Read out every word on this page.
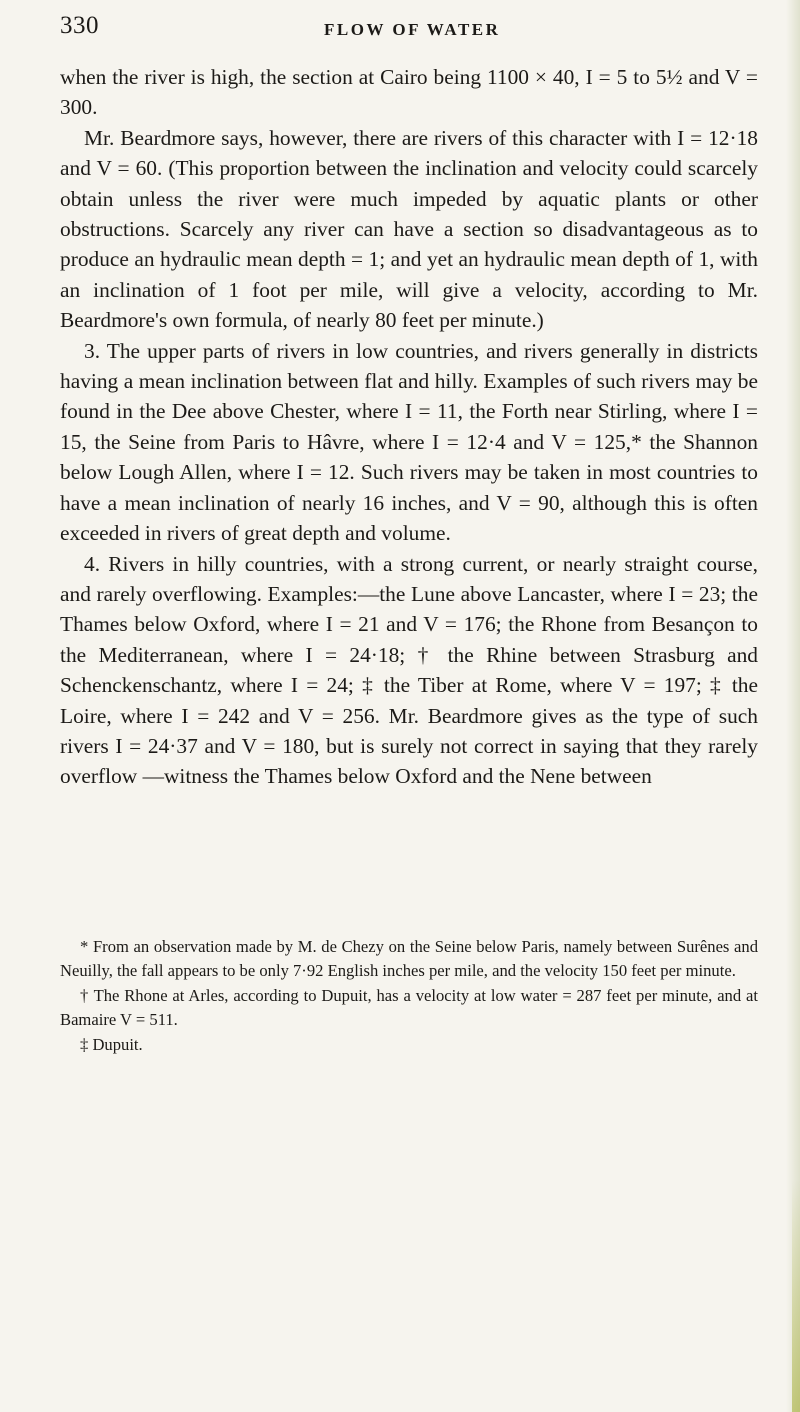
330	FLOW OF WATER

when the river is high, the section at Cairo being 1100 × 40, I = 5 to 5½ and V = 300.

Mr. Beardmore says, however, there are rivers of this character with I = 12·18 and V = 60. (This proportion between the inclination and velocity could scarcely obtain unless the river were much impeded by aquatic plants or other obstructions. Scarcely any river can have a section so disadvantageous as to produce an hydraulic mean depth = 1; and yet an hydraulic mean depth of 1, with an inclination of 1 foot per mile, will give a velocity, according to Mr. Beardmore's own formula, of nearly 80 feet per minute.)

3. The upper parts of rivers in low countries, and rivers generally in districts having a mean inclination between flat and hilly. Examples of such rivers may be found in the Dee above Chester, where I = 11, the Forth near Stirling, where I = 15, the Seine from Paris to Hâvre, where I = 12·4 and V = 125,* the Shannon below Lough Allen, where I = 12. Such rivers may be taken in most countries to have a mean inclination of nearly 16 inches, and V = 90, although this is often exceeded in rivers of great depth and volume.

4. Rivers in hilly countries, with a strong current, or nearly straight course, and rarely overflowing. Examples:—the Lune above Lancaster, where I = 23; the Thames below Oxford, where I = 21 and V = 176; the Rhone from Besançon to the Mediterranean, where I = 24·18; † the Rhine between Strasburg and Schenckenschantz, where I = 24; ‡ the Tiber at Rome, where V = 197; ‡ the Loire, where I = 242 and V = 256. Mr. Beardmore gives as the type of such rivers I = 24·37 and V = 180, but is surely not correct in saying that they rarely overflow —witness the Thames below Oxford and the Nene between

* From an observation made by M. de Chezy on the Seine below Paris, namely between Surênes and Neuilly, the fall appears to be only 7·92 English inches per mile, and the velocity 150 feet per minute.

† The Rhone at Arles, according to Dupuit, has a velocity at low water = 287 feet per minute, and at Bamaire V = 511.

‡ Dupuit.
